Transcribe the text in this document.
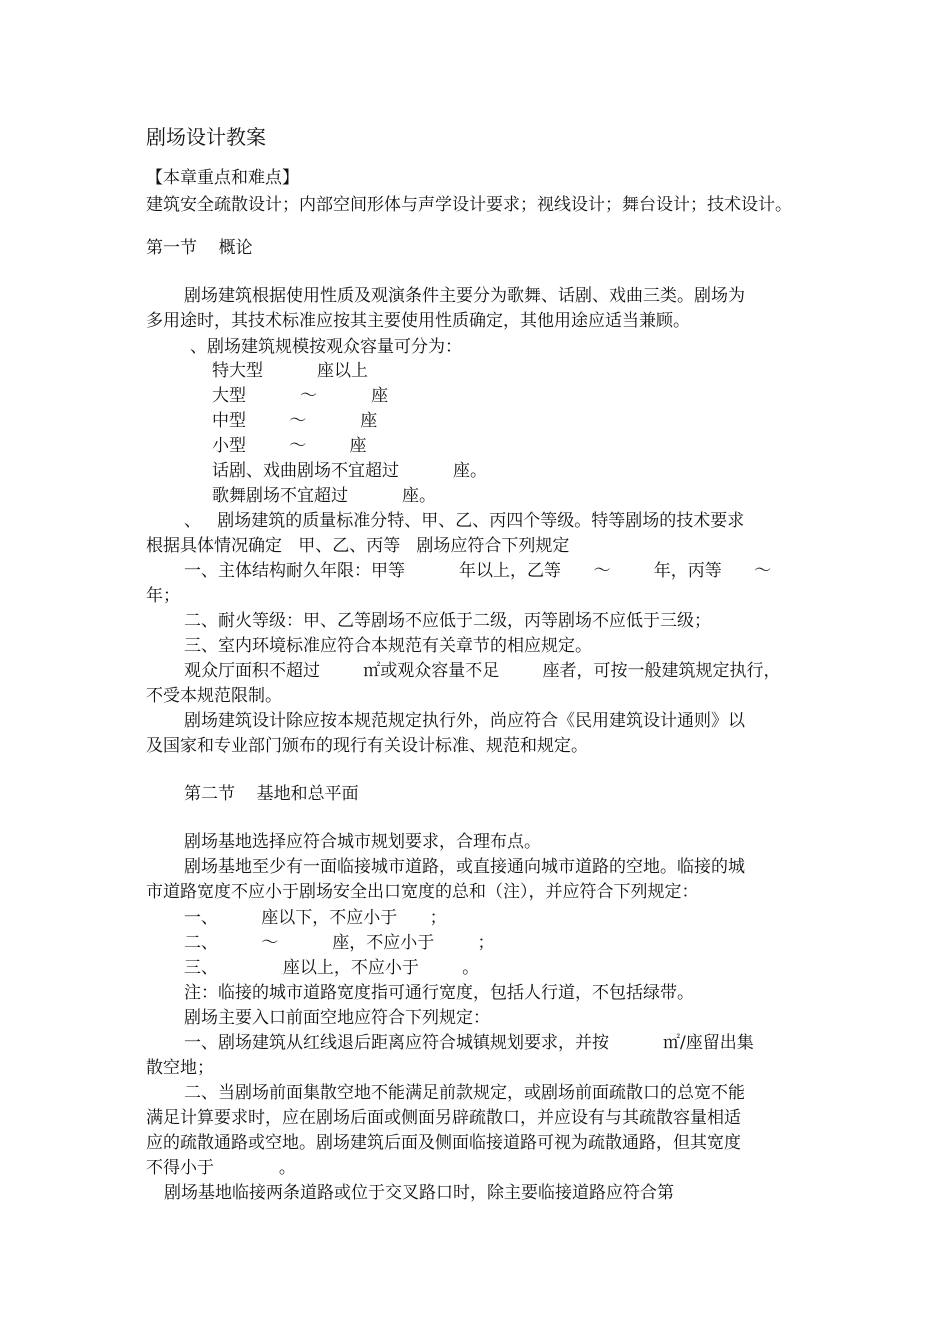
剧场设计教案
【本章重点和难点】
建筑安全疏散设计；内部空间形体与声学设计要求；视线设计；舞台设计；技术设计。
第一节    概论
剧场建筑根据使用性质及观演条件主要分为歌舞、话剧、戏曲三类。剧场为
多用途时，其技术标准应按其主要使用性质确定，其他用途应适当兼顾。
、剧场建筑规模按观众容量可分为：
特大型          座以上
大型          ～          座
中型        ～          座
小型        ～        座
话剧、戏曲剧场不宜超过          座。
歌舞剧场不宜超过          座。
、   剧场建筑的质量标准分特、甲、乙、丙四个等级。特等剧场的技术要求
根据具体情况确定   甲、乙、丙等   剧场应符合下列规定
一、主体结构耐久年限：甲等          年以上，乙等      ～        年，丙等      ～
年；
二、耐火等级：甲、乙等剧场不应低于二级，丙等剧场不应低于三级；
三、室内环境标准应符合本规范有关章节的相应规定。
观众厅面积不超过        ㎡或观众容量不足        座者，可按一般建筑规定执行，
不受本规范限制。
剧场建筑设计除应按本规范规定执行外，尚应符合《民用建筑设计通则》以
及国家和专业部门颁布的现行有关设计标准、规范和规定。
第二节    基地和总平面
剧场基地选择应符合城市规划要求，合理布点。
剧场基地至少有一面临接城市道路，或直接通向城市道路的空地。临接的城
市道路宽度不应小于剧场安全出口宽度的总和（注），并应符合下列规定：
一、        座以下，不应小于      ；
二、        ～          座，不应小于        ；
三、            座以上，不应小于        。
注：临接的城市道路宽度指可通行宽度，包括人行道，不包括绿带。
剧场主要入口前面空地应符合下列规定：
一、剧场建筑从红线退后距离应符合城镇规划要求，并按          ㎡/座留出集
散空地；
二、当剧场前面集散空地不能满足前款规定，或剧场前面疏散口的总宽不能
满足计算要求时，应在剧场后面或侧面另辟疏散口，并应设有与其疏散容量相适
应的疏散通路或空地。剧场建筑后面及侧面临接道路可视为疏散通路，但其宽度
不得小于            。
剧场基地临接两条道路或位于交叉路口时，除主要临接道路应符合第
